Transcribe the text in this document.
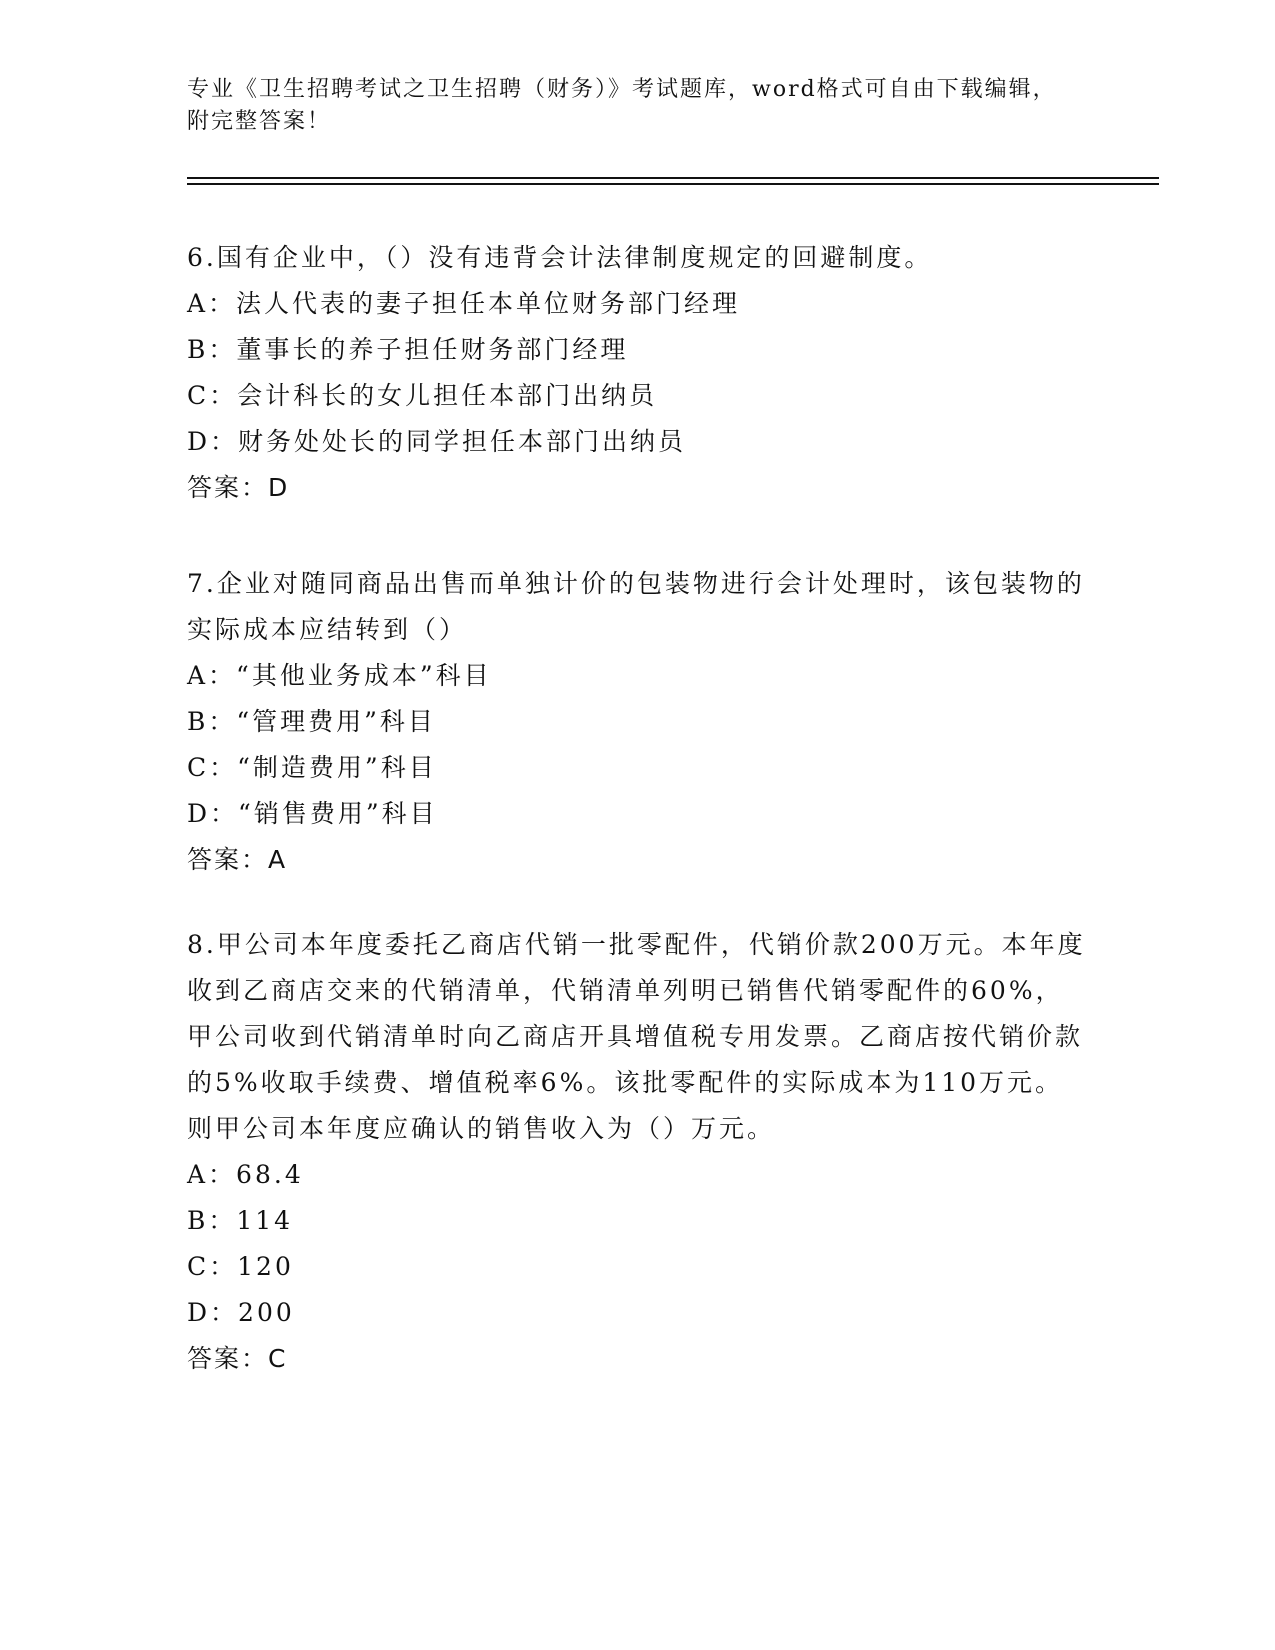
专业《卫生招聘考试之卫生招聘（财务）》考试题库，word格式可自由下载编辑，附完整答案！
6.国有企业中，（）没有违背会计法律制度规定的回避制度。
A：法人代表的妻子担任本单位财务部门经理
B：董事长的养子担任财务部门经理
C：会计科长的女儿担任本部门出纳员
D：财务处处长的同学担任本部门出纳员
答案：D
7.企业对随同商品出售而单独计价的包装物进行会计处理时，该包装物的实际成本应结转到（）
A：“其他业务成本”科目
B：“管理费用”科目
C：“制造费用”科目
D：“销售费用”科目
答案：A
8.甲公司本年度委托乙商店代销一批零配件，代销价款200万元。本年度收到乙商店交来的代销清单，代销清单列明已销售代销零配件的60%，甲公司收到代销清单时向乙商店开具增值税专用发票。乙商店按代销价款的5%收取手续费、增值税率6%。该批零配件的实际成本为110万元。则甲公司本年度应确认的销售收入为（）万元。
A：68.4
B：114
C：120
D：200
答案：C
